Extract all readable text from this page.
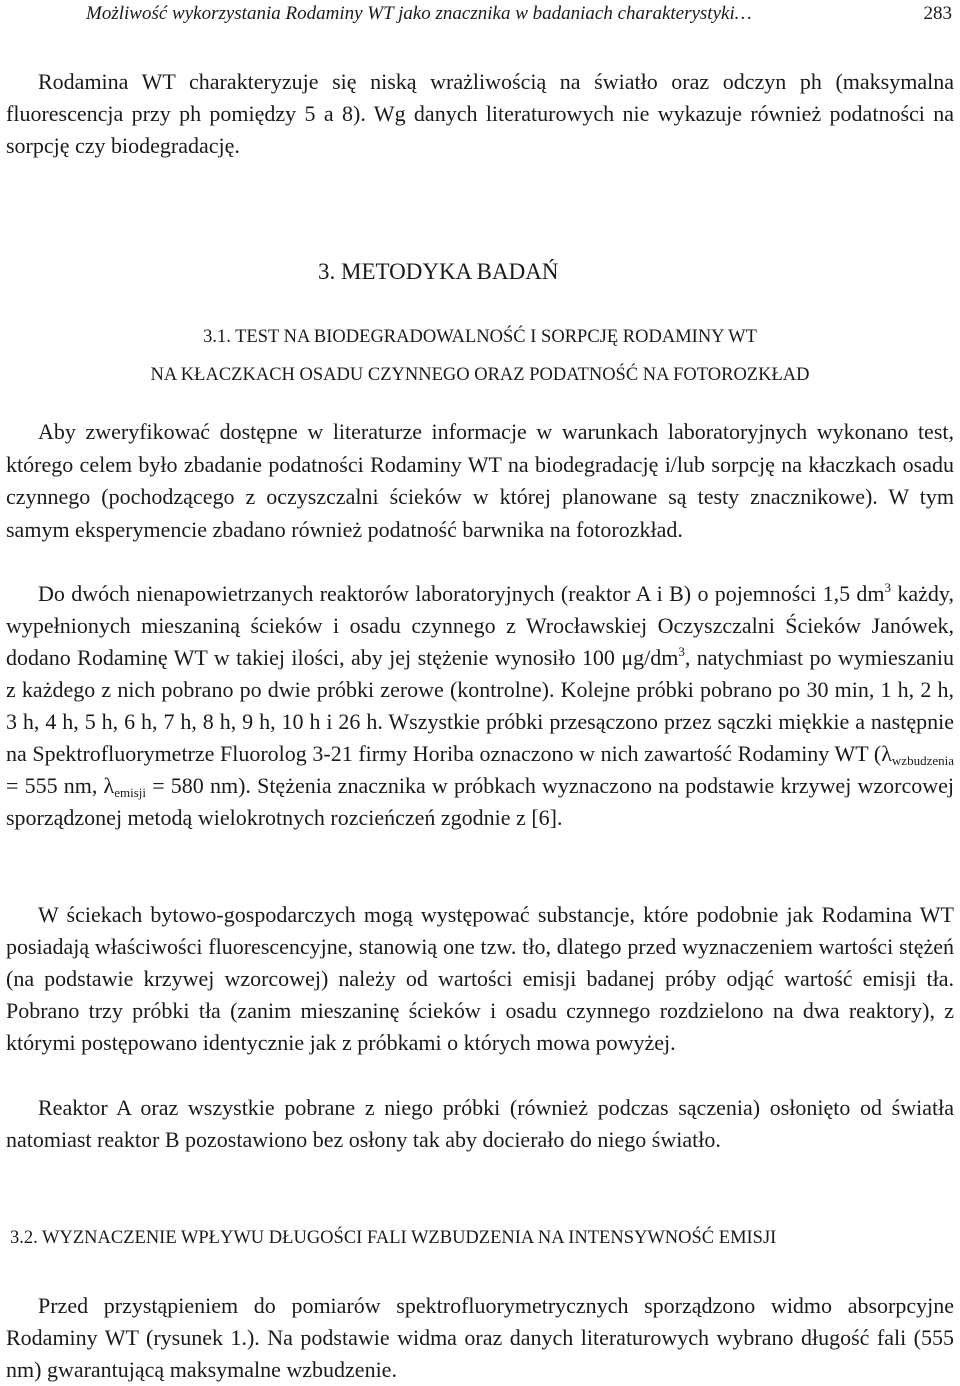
Możliwość wykorzystania Rodaminy WT jako znacznika w badaniach charakterystyki…	283

Rodamina WT charakteryzuje się niską wrażliwością na światło oraz odczyn ph (maksymalna fluorescencja przy ph pomiędzy 5 a 8). Wg danych literaturowych nie wykazuje również podatności na sorpcję czy biodegradację.

3. METODYKA BADAŃ
3.1. TEST NA BIODEGRADOWALNOŚĆ I SORPCJĘ RODAMINY WT
NA KŁACZKACH OSADU CZYNNEGO ORAZ PODATNOŚĆ NA FOTOROZKŁAD

Aby zweryfikować dostępne w literaturze informacje w warunkach laboratoryjnych wykonano test, którego celem było zbadanie podatności Rodaminy WT na biodegradację i/lub sorpcję na kłaczkach osadu czynnego (pochodzącego z oczyszczalni ścieków w której planowane są testy znacznikowe). W tym samym eksperymencie zbadano również podatność barwnika na fotorozkład.

Do dwóch nienapowietrzanych reaktorów laboratoryjnych (reaktor A i B) o pojemności 1,5 $dm^3$ każdy, wypełnionych mieszaniną ścieków i osadu czynnego z Wrocławskiej Oczyszczalni Ścieków Janówek, dodano Rodaminę WT w takiej ilości, aby jej stężenie wynosiło 100 $\mu g/dm^3$, natychmiast po wymieszaniu z każdego z nich pobrano po dwie próbki zerowe (kontrolne). Kolejne próbki pobrano po 30 min, 1 h, 2 h, 3 h, 4 h, 5 h, 6 h, 7 h, 8 h, 9 h, 10 h i 26 h. Wszystkie próbki przesączono przez sączki miękkie a następnie na Spektrofluorymetrze Fluorolog 3-21 firmy Horiba oznaczono w nich zawartość Rodaminy WT ($\lambda_{wzbudzenia} = 555$ nm, $\lambda_{emisji} = 580$ nm). Stężenia znacznika w próbkach wyznaczono na podstawie krzywej wzorcowej sporządzonej metodą wielokrotnych rozcieńczeń zgodnie z [6].

W ściekach bytowo-gospodarczych mogą występować substancje, które podobnie jak Rodamina WT posiadają właściwości fluorescencyjne, stanowią one tzw. tło, dlatego przed wyznaczeniem wartości stężeń (na podstawie krzywej wzorcowej) należy od wartości emisji badanej próby odjąć wartość emisji tła. Pobrano trzy próbki tła (zanim mieszaninę ścieków i osadu czynnego rozdzielono na dwa reaktory), z którymi postępowano identycznie jak z próbkami o których mowa powyżej.

Reaktor A oraz wszystkie pobrane z niego próbki (również podczas sączenia) osłonięto od światła natomiast reaktor B pozostawiono bez osłony tak aby docierało do niego światło.

3.2. WYZNACZENIE WPŁYWU DŁUGOŚCI FALI WZBUDZENIA NA INTENSYWNOŚĆ EMISJI

Przed przystąpieniem do pomiarów spektrofluorymetrycznych sporządzono widmo absorpcyjne Rodaminy WT (rysunek 1.). Na podstawie widma oraz danych literaturowych wybrano długość fali (555 nm) gwarantującą maksymalne wzbudzenie.
